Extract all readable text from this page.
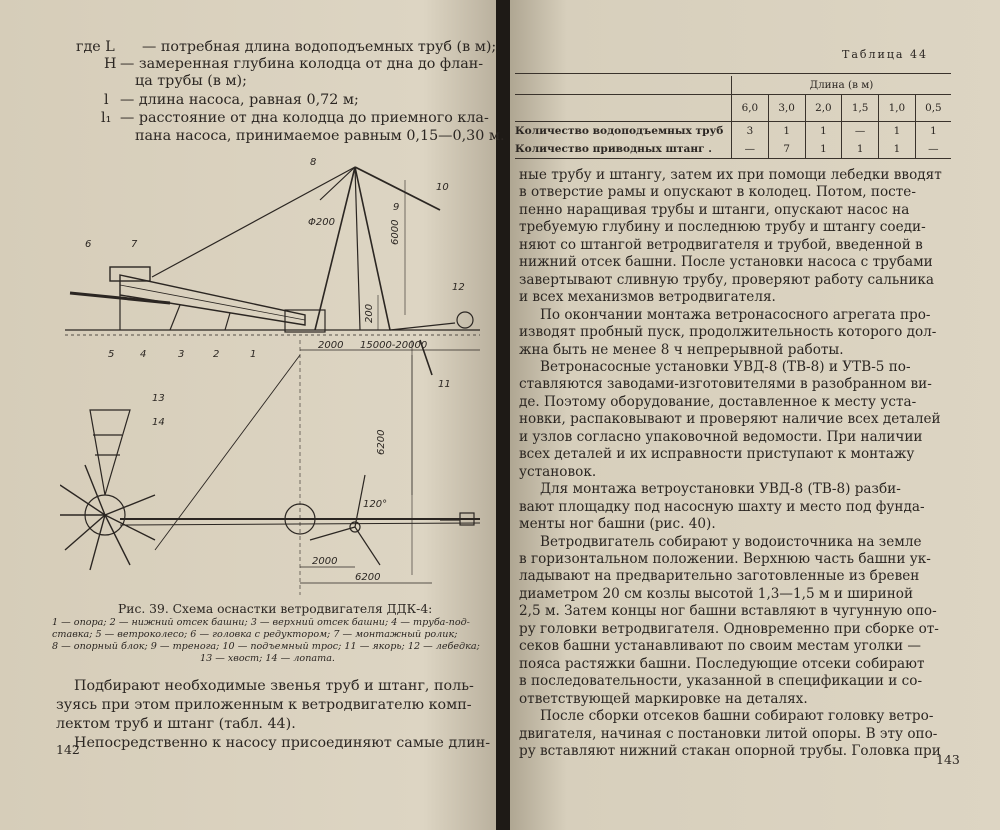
где L — потребная длина водоподъемных труб (в м);
H — замеренная глубина колодца от дна до флан-
ца трубы (в м);
l — длина насоса, равная 0,72 м;
l₁ — расстояние от дна колодца до приемного кла-
пана насоса, принимаемое равным 0,15—0,30 м.
8
10
9
6	7
12
5	4	3	2	1
11
13
14
Φ200	6000
200
2000 15000-20000
6200
120°
2000
6200
Рис. 39. Схема оснастки ветродвигателя ДДК-4:
1 — опора; 2 — нижний отсек башни; 3 — верхний отсек башни; 4 — труба-под-
ставка; 5 — ветроколесо; 6 — головка с редуктором; 7 — монтажный ролик;
8 — опорный блок; 9 — тренога; 10 — подъемный трос; 11 — якорь; 12 — лебедка;
13 — хвост; 14 — лопата.
Подбирают необходимые звенья труб и штанг, поль-
зуясь при этом приложенным к ветродвигателю комп-
лектом труб и штанг (табл. 44).
Непосредственно к насосу присоединяют самые длин-
142
Таблица 44
	Длина (в м)					
	6,0	3,0	2,0	1,5	1,0	0,5
Количество водоподъемных труб	3	1	1	—	1	1
Количество приводных штанг .	—	7	1	1	1	—
ные трубу и штангу, затем их при помощи лебедки вводят
в отверстие рамы и опускают в колодец. Потом, посте-
пенно наращивая трубы и штанги, опускают насос на
требуемую глубину и последнюю трубу и штангу соеди-
няют со штангой ветродвигателя и трубой, введенной в
нижний отсек башни. После установки насоса с трубами
завертывают сливную трубу, проверяют работу сальника
и всех механизмов ветродвигателя.
По окончании монтажа ветронасосного агрегата про-
изводят пробный пуск, продолжительность которого дол-
жна быть не менее 8 ч непрерывной работы.
Ветронасосные установки УВД-8 (ТВ-8) и УТВ-5 по-
ставляются заводами-изготовителями в разобранном ви-
де. Поэтому оборудование, доставленное к месту уста-
новки, распаковывают и проверяют наличие всех деталей
и узлов согласно упаковочной ведомости. При наличии
всех деталей и их исправности приступают к монтажу
установок.
Для монтажа ветроустановки УВД-8 (ТВ-8) разби-
вают площадку под насосную шахту и место под фунда-
менты ног башни (рис. 40).
Ветродвигатель собирают у водоисточника на земле
в горизонтальном положении. Верхнюю часть башни ук-
ладывают на предварительно заготовленные из бревен
диаметром 20 см козлы высотой 1,3—1,5 м и шириной
2,5 м. Затем концы ног башни вставляют в чугунную опо-
ру головки ветродвигателя. Одновременно при сборке от-
секов башни устанавливают по своим местам уголки —
пояса растяжки башни. Последующие отсеки собирают
в последовательности, указанной в спецификации и со-
ответствующей маркировке на деталях.
После сборки отсеков башни собирают головку ветро-
двигателя, начиная с постановки литой опоры. В эту опо-
ру вставляют нижний стакан опорной трубы. Головка при
143
